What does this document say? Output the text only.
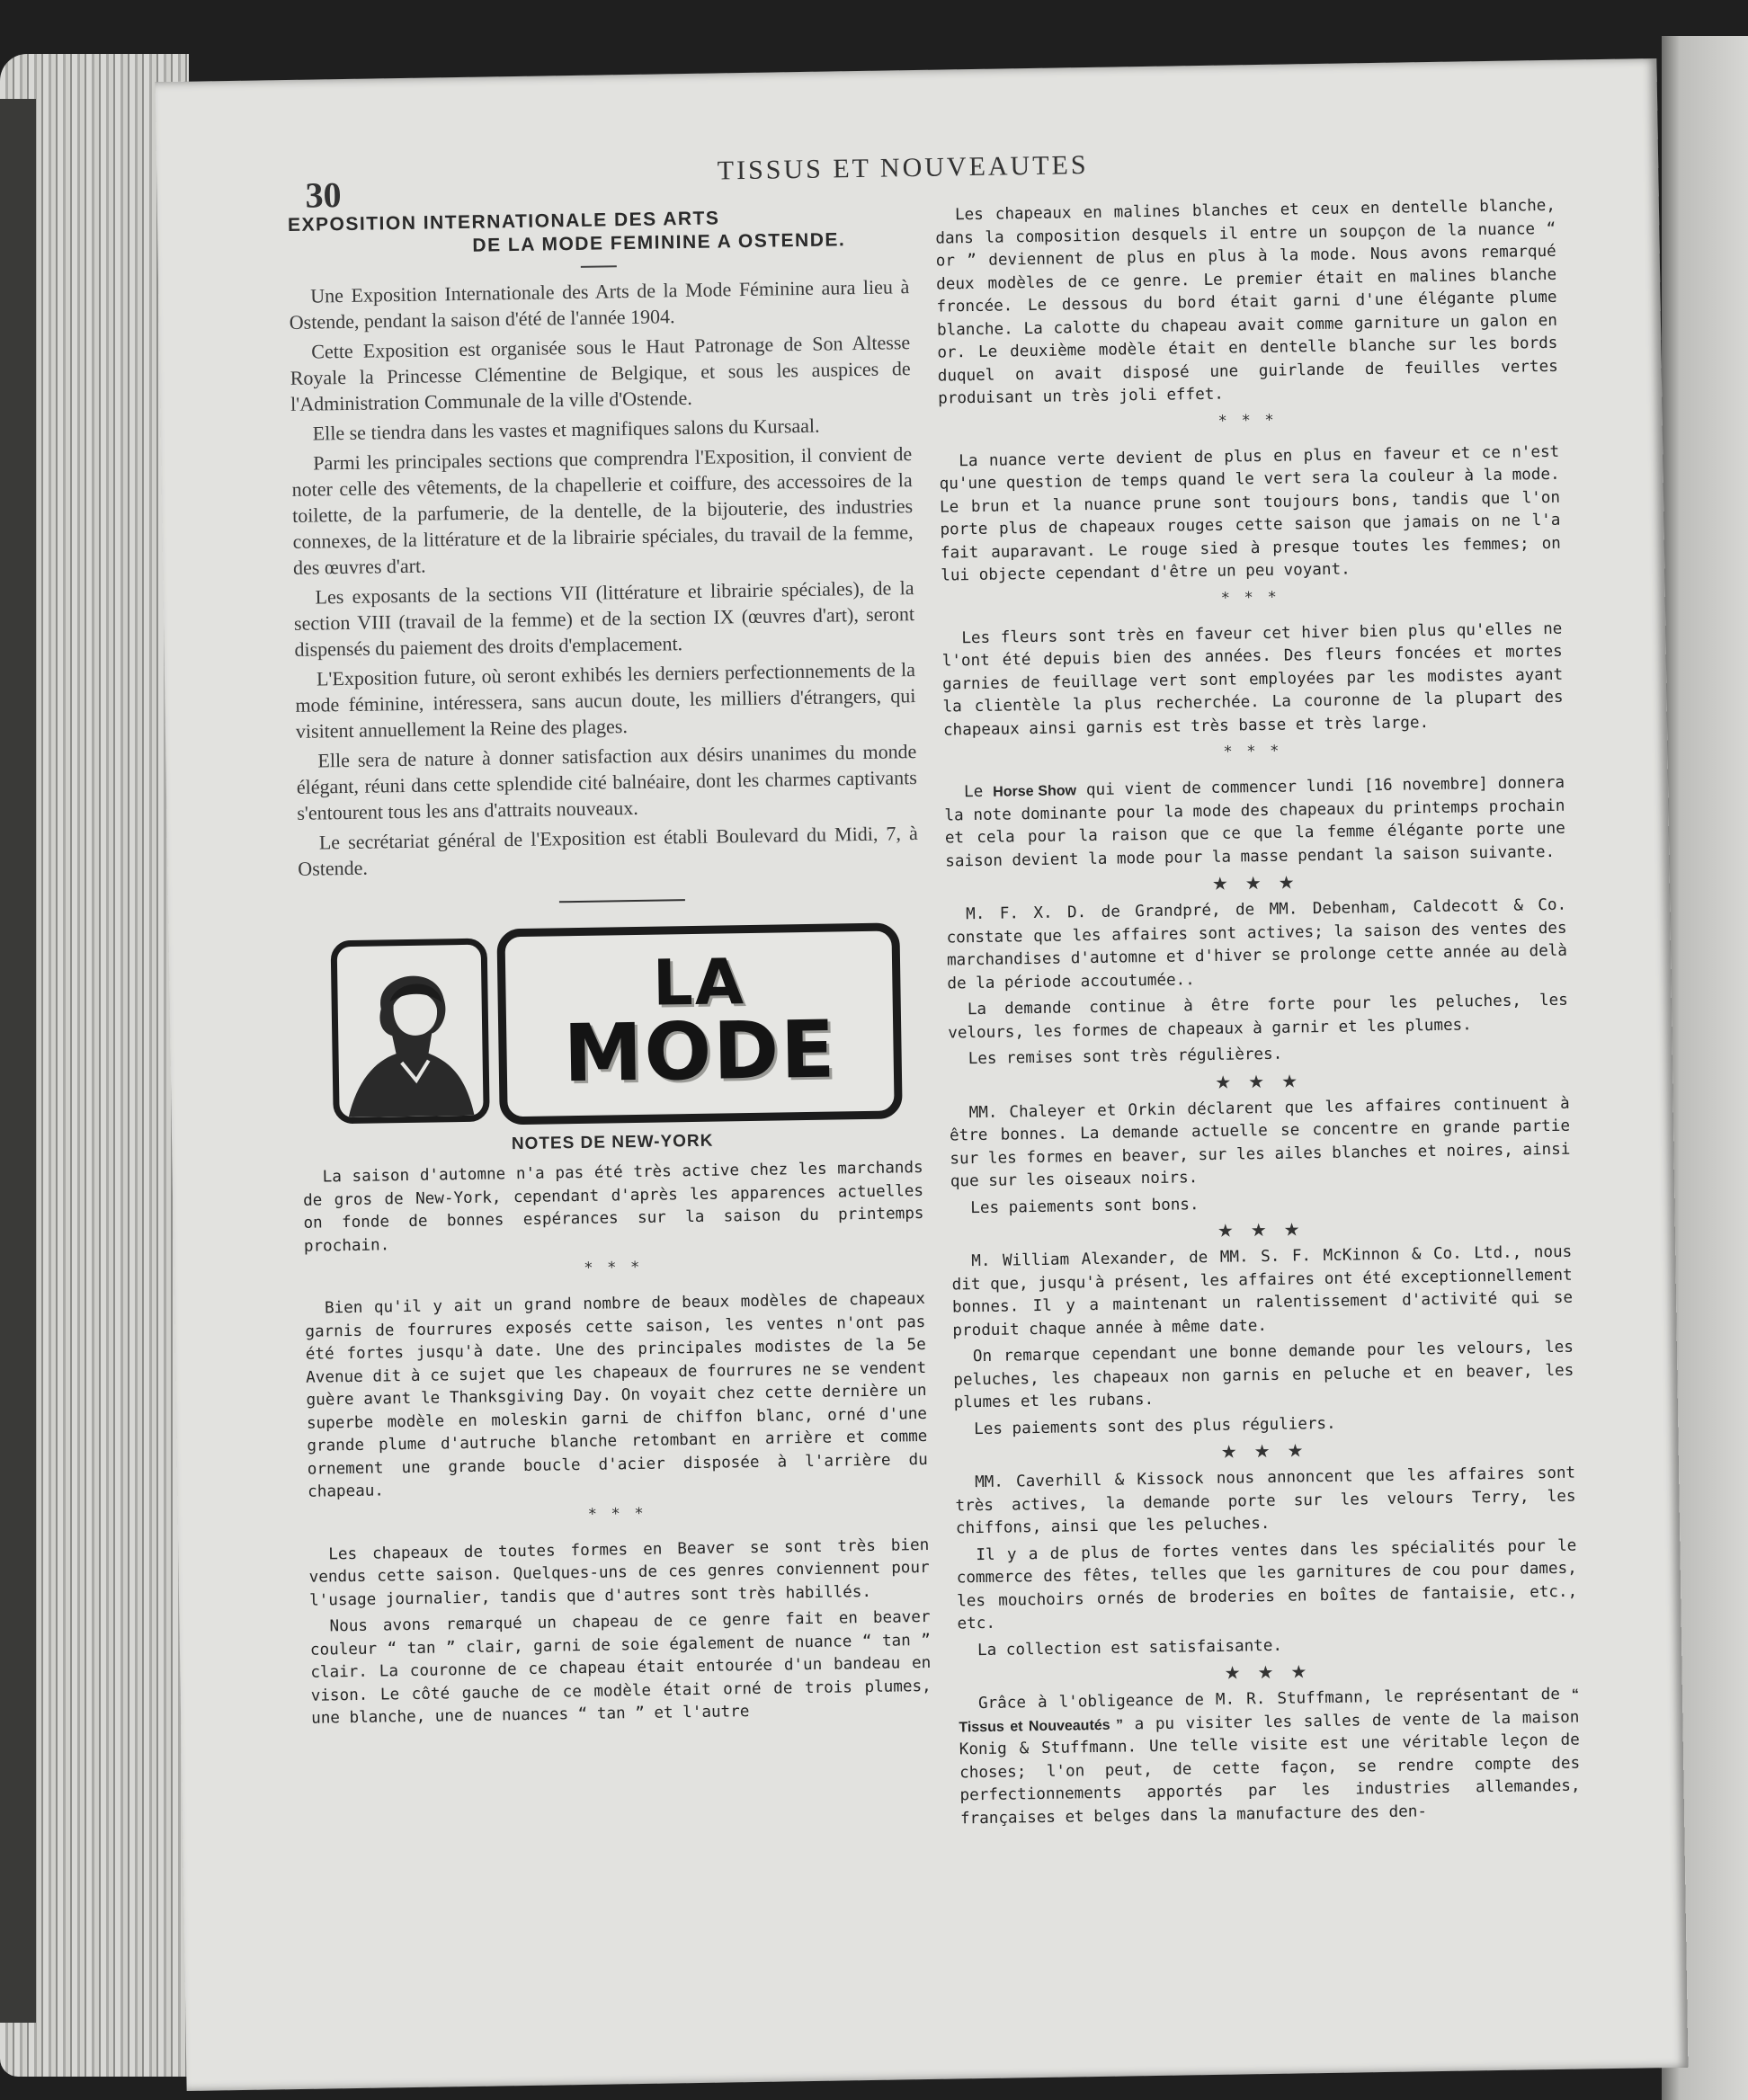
30
TISSUS ET NOUVEAUTES
EXPOSITION INTERNATIONALE DES ARTS
DE LA MODE FEMININE A OSTENDE.

Une Exposition Internationale des Arts de la Mode Féminine aura lieu à Ostende, pendant la saison d'été de l'année 1904.

Cette Exposition est organisée sous le Haut Patronage de Son Altesse Royale la Princesse Clémentine de Belgique, et sous les auspices de l'Administration Communale de la ville d'Ostende.

Elle se tiendra dans les vastes et magnifiques salons du Kursaal.

Parmi les principales sections que comprendra l'Exposition, il convient de noter celle des vêtements, de la chapellerie et coiffure, des accessoires de la toilette, de la parfumerie, de la dentelle, de la bijouterie, des industries connexes, de la littérature et de la librairie spéciales, du travail de la femme, des œuvres d'art.

Les exposants de la sections VII (littérature et librairie spéciales), de la section VIII (travail de la femme) et de la section IX (œuvres d'art), seront dispensés du paiement des droits d'emplacement.

L'Exposition future, où seront exhibés les derniers perfectionnements de la mode féminine, intéressera, sans aucun doute, les milliers d'étrangers, qui visitent annuellement la Reine des plages.

Elle sera de nature à donner satisfaction aux désirs unanimes du monde élégant, réuni dans cette splendide cité balnéaire, dont les charmes captivants s'entourent tous les ans d'attraits nouveaux.

Le secrétariat général de l'Exposition est établi Boulevard du Midi, 7, à Ostende.

LA
MODE
NOTES DE NEW-YORK

La saison d'automne n'a pas été très active chez les marchands de gros de New-York, cependant d'après les apparences actuelles on fonde de bonnes espérances sur la saison du printemps prochain.

* * *

Bien qu'il y ait un grand nombre de beaux modèles de chapeaux garnis de fourrures exposés cette saison, les ventes n'ont pas été fortes jusqu'à date. Une des principales modistes de la 5e Avenue dit à ce sujet que les chapeaux de fourrures ne se vendent guère avant le Thanksgiving Day. On voyait chez cette dernière un superbe modèle en moleskin garni de chiffon blanc, orné d'une grande plume d'autruche blanche retombant en arrière et comme ornement une grande boucle d'acier disposée à l'arrière du chapeau.

* * *

Les chapeaux de toutes formes en Beaver se sont très bien vendus cette saison. Quelques-uns de ces genres conviennent pour l'usage journalier, tandis que d'autres sont très habillés.

Nous avons remarqué un chapeau de ce genre fait en beaver couleur “ tan ” clair, garni de soie également de nuance “ tan ” clair. La couronne de ce chapeau était entourée d'un bandeau en vison. Le côté gauche de ce modèle était orné de trois plumes, une blanche, une de nuances “ tan ” et l'autre

Les chapeaux en malines blanches et ceux en dentelle blanche, dans la composition desquels il entre un soupçon de la nuance “ or ” deviennent de plus en plus à la mode. Nous avons remarqué deux modèles de ce genre. Le premier était en malines blanche froncée. Le dessous du bord était garni d'une élégante plume blanche. La calotte du chapeau avait comme garniture un galon en or. Le deuxième modèle était en dentelle blanche sur les bords duquel on avait disposé une guirlande de feuilles vertes produisant un très joli effet.

* * *

La nuance verte devient de plus en plus en faveur et ce n'est qu'une question de temps quand le vert sera la couleur à la mode. Le brun et la nuance prune sont toujours bons, tandis que l'on porte plus de chapeaux rouges cette saison que jamais on ne l'a fait auparavant. Le rouge sied à presque toutes les femmes; on lui objecte cependant d'être un peu voyant.

* * *

Les fleurs sont très en faveur cet hiver bien plus qu'elles ne l'ont été depuis bien des années. Des fleurs foncées et mortes garnies de feuillage vert sont employées par les modistes ayant la clientèle la plus recherchée. La couronne de la plupart des chapeaux ainsi garnis est très basse et très large.

* * *

Le Horse Show qui vient de commencer lundi [16 novembre] donnera la note dominante pour la mode des chapeaux du printemps prochain et cela pour la raison que ce que la femme élégante porte une saison devient la mode pour la masse pendant la saison suivante.

★ ★ ★

M. F. X. D. de Grandpré, de MM. Debenham, Caldecott & Co. constate que les affaires sont actives; la saison des ventes des marchandises d'automne et d'hiver se prolonge cette année au delà de la période accoutumée..

La demande continue à être forte pour les peluches, les velours, les formes de chapeaux à garnir et les plumes.

Les remises sont très régulières.

★ ★ ★

MM. Chaleyer et Orkin déclarent que les affaires continuent à être bonnes. La demande actuelle se concentre en grande partie sur les formes en beaver, sur les ailes blanches et noires, ainsi que sur les oiseaux noirs.

Les paiements sont bons.

★ ★ ★

M. William Alexander, de MM. S. F. McKinnon & Co. Ltd., nous dit que, jusqu'à présent, les affaires ont été exceptionnellement bonnes. Il y a maintenant un ralentissement d'activité qui se produit chaque année à même date.

On remarque cependant une bonne demande pour les velours, les peluches, les chapeaux non garnis en peluche et en beaver, les plumes et les rubans.

Les paiements sont des plus réguliers.

★ ★ ★

MM. Caverhill & Kissock nous annoncent que les affaires sont très actives, la demande porte sur les velours Terry, les chiffons, ainsi que les peluches.

Il y a de plus de fortes ventes dans les spécialités pour le commerce des fêtes, telles que les garnitures de cou pour dames, les mouchoirs ornés de broderies en boîtes de fantaisie, etc., etc.

La collection est satisfaisante.

★ ★ ★

Grâce à l'obligeance de M. R. Stuffmann, le représentant de “ Tissus et Nouveautés ” a pu visiter les salles de vente de la maison Konig & Stuffmann. Une telle visite est une véritable leçon de choses; l'on peut, de cette façon, se rendre compte des perfectionnements apportés par les industries allemandes, françaises et belges dans la manufacture des den-
